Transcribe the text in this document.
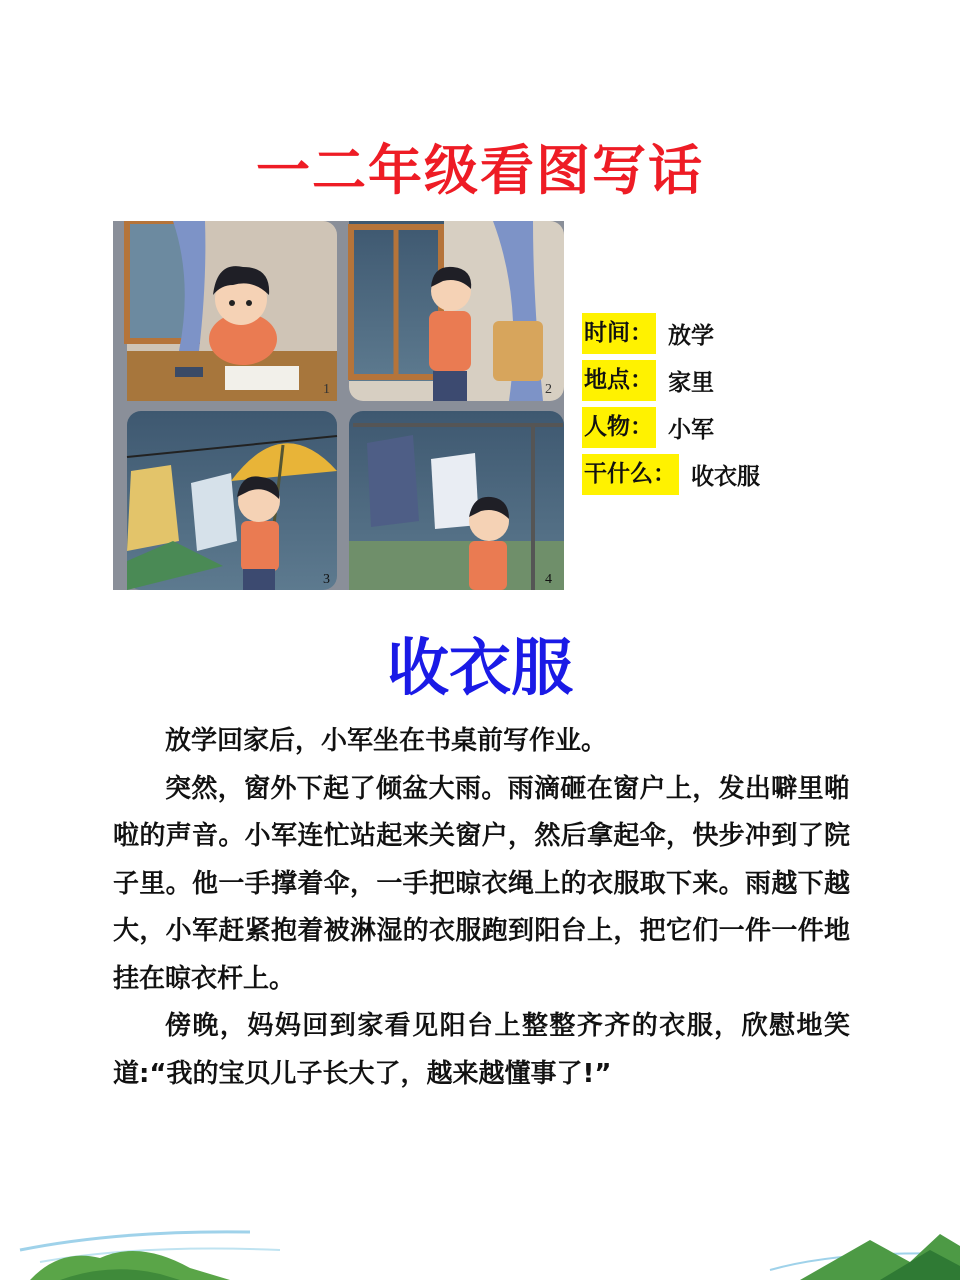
一二年级看图写话
1	2
3	4
时间： 放学
地点： 家里
人物： 小军
干什么： 收衣服
收衣服

放学回家后，小军坐在书桌前写作业。

突然，窗外下起了倾盆大雨。雨滴砸在窗户上，发出噼里啪啦的声音。小军连忙站起来关窗户，然后拿起伞，快步冲到了院子里。他一手撑着伞，一手把晾衣绳上的衣服取下来。雨越下越大，小军赶紧抱着被淋湿的衣服跑到阳台上，把它们一件一件地挂在晾衣杆上。

傍晚，妈妈回到家看见阳台上整整齐齐的衣服，欣慰地笑道:“我的宝贝儿子长大了，越来越懂事了!”
